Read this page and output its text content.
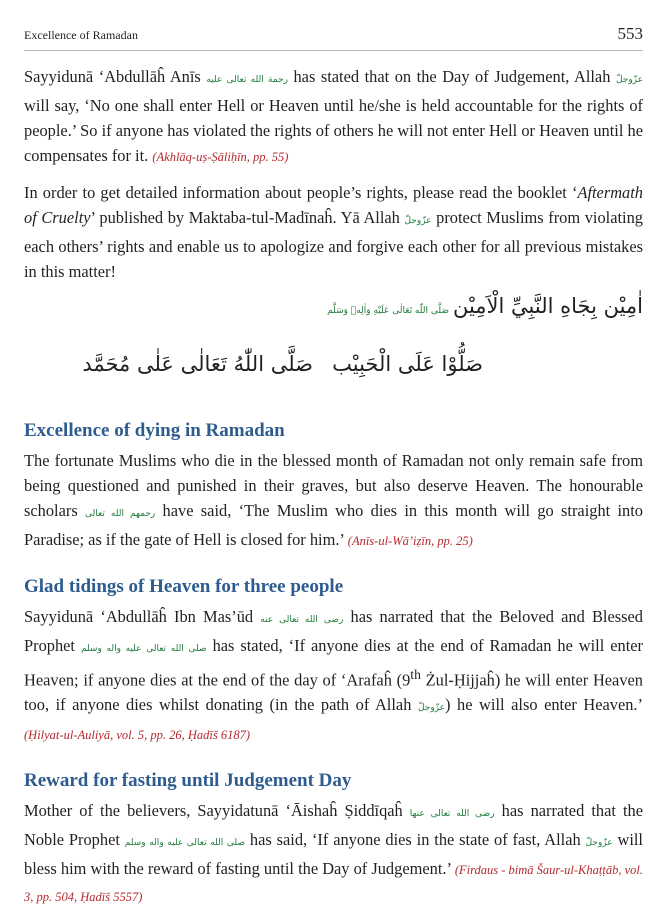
Excellence of Ramadan	553

Sayyidunā ‘Abdullāĥ Anīs رحمة الله تعالى عليه has stated that on the Day of Judgement, Allah عزّوجلّ will say, ‘No one shall enter Hell or Heaven until he/she is held accountable for the rights of people.’ So if anyone has violated the rights of others he will not enter Hell or Heaven until he compensates for it. (Akhlāq-uṣ-Ṣāliḥīn, pp. 55)

In order to get detailed information about people’s rights, please read the booklet ‘Aftermath of Cruelty’ published by Maktaba-tul-Madīnaĥ. Yā Allah عزّوجلّ protect Muslims from violating each others’ rights and enable us to apologize and forgive each other for all previous mistakes in this matter!

اٰمِيْن بِجَاهِ النَّبِيِّ الْاَمِيْن صَلَّى اللّٰه تَعَالٰى عَلَيْهِ وَاٰلِهٖ وَسَلَّم
صَلُّوْا عَلَى الْحَبِيْب
صَلَّى اللّٰهُ تَعَالٰى عَلٰى مُحَمَّد
Excellence of dying in Ramadan

The fortunate Muslims who die in the blessed month of Ramadan not only remain safe from being questioned and punished in their graves, but also deserve Heaven. The honourable scholars رحمهم الله تعالى have said, ‘The Muslim who dies in this month will go straight into Paradise; as if the gate of Hell is closed for him.’ (Anīs-ul-Wā’iẓīn, pp. 25)

Glad tidings of Heaven for three people

Sayyidunā ‘Abdullāĥ Ibn Mas’ūd رضى الله تعالى عنه has narrated that the Beloved and Blessed Prophet صلى الله تعالى عليه واله وسلم has stated, ‘If anyone dies at the end of Ramadan he will enter Heaven; if anyone dies at the end of the day of ‘Arafaĥ (9th Żul-Ḥijjaĥ) he will enter Heaven too, if anyone dies whilst donating (in the path of Allah عزّوجلّ) he will also enter Heaven.’ (Ḥilyat-ul-Auliyā, vol. 5, pp. 26, Ḥadīš 6187)

Reward for fasting until Judgement Day

Mother of the believers, Sayyidatunā ‘Āishaĥ Ṣiddīqaĥ رضى الله تعالى عنها has narrated that the Noble Prophet صلى الله تعالى عليه واله وسلم has said, ‘If anyone dies in the state of fast, Allah عزّوجلّ will bless him with the reward of fasting until the Day of Judgement.’ (Firdaus - bimā Šaur-ul-Khaṭṭāb, vol. 3, pp. 504, Ḥadīš 5557)
